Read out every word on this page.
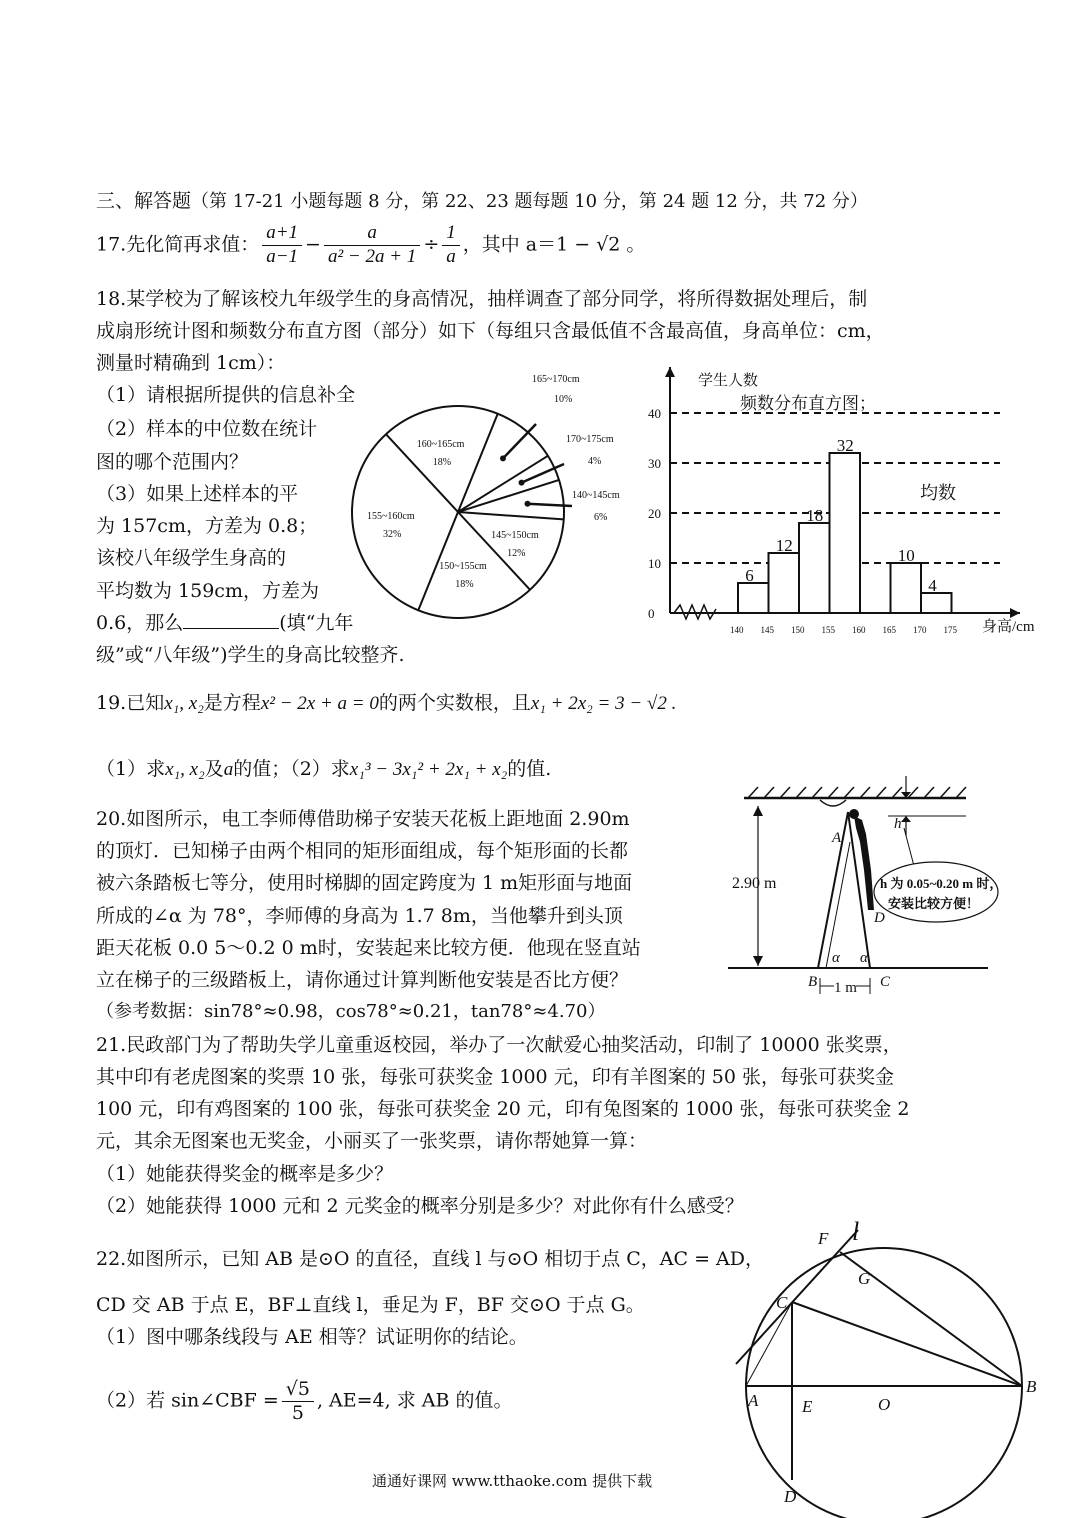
三、解答题（第 17-21 小题每题 8 分，第 22、23 题每题 10 分，第 24 题 12 分，共 72 分）
17.先化简再求值： $\frac{a+1}{a-1} - \frac{a}{\text{a² − 2a + 1}} \div \frac{1}{a}$ ，其中 a＝1 − √2 。
18.某学校为了解该校九年级学生的身高情况，抽样调查了部分同学，将所得数据处理后，制
成扇形统计图和频数分布直方图（部分）如下（每组只含最低值不含最高值，身高单位：cm，
测量时精确到 1cm）：
（1）请根据所提供的信息补全
（2）样本的中位数在统计
图的哪个范围内？
（3）如果上述样本的平
为 157cm，方差为 0.8；
该校八年级学生身高的
平均数为 159cm，方差为
0.6，那么	(填“九年
级”或“八年级”)学生的身高比较整齐.
165~170cm
10%
170~175cm
4%
140~145cm
6%
145~150cm
12%
150~155cm
18%
155~160cm
32%
160~165cm
18%
0
10
20
30
40
学生人数
频数分布直方图；
均数
身高/cm
140 145 150 155 160 165 170 175
6
12
18
32
10
4
19.已知x₁, x₂是方程x² − 2x + a = 0的两个实数根，且x₁ + 2x₂ = 3 − √2 .
（1）求x₁, x₂及a的值；（2）求x₁³ − 3x₁² + 2x₁ + x₂的值.
20.如图所示，电工李师傅借助梯子安装天花板上距地面 2.90m
的顶灯．已知梯子由两个相同的矩形面组成，每个矩形面的长都
被六条踏板七等分，使用时梯脚的固定跨度为 1 m矩形面与地面
所成的∠α 为 78°，李师傅的身高为 1.7 8m，当他攀升到头顶
距天花板 0.0 5～0.2 0 m时，安装起来比较方便．他现在竖直站
立在梯子的三级踏板上，请你通过计算判断他安装是否比方便？
（参考数据：sin78°≈0.98，cos78°≈0.21，tan78°≈4.70）
h
2.90 m
A
D
B	C
α α
1 m
h 为 0.05~0.20 m 时，
安装比较方便！
21.民政部门为了帮助失学儿童重返校园，举办了一次献爱心抽奖活动，印制了 10000 张奖票，
其中印有老虎图案的奖票 10 张，每张可获奖金 1000 元，印有羊图案的 50 张，每张可获奖金
100 元，印有鸡图案的 100 张，每张可获奖金 20 元，印有兔图案的 1000 张，每张可获奖金 2
元，其余无图案也无奖金，小丽买了一张奖票，请你帮她算一算：
（1）她能获得奖金的概率是多少？
（2）她能获得 1000 元和 2 元奖金的概率分别是多少？对此你有什么感受？
22.如图所示，已知 AB 是⊙O 的直径，直线 l 与⊙O 相切于点 C，AC = AD，
CD 交 AB 于点 E，BF⊥直线 l，垂足为 F，BF 交⊙O 于点 G。
（1）图中哪条线段与 AE 相等？试证明你的结论。
（2）若 sin∠CBF = $\frac{√5}{5}$ , AE=4, 求 AB 的值。
F l
G
C
A	E	O
B
D
通通好课网 www.tthaoke.com 提供下载
